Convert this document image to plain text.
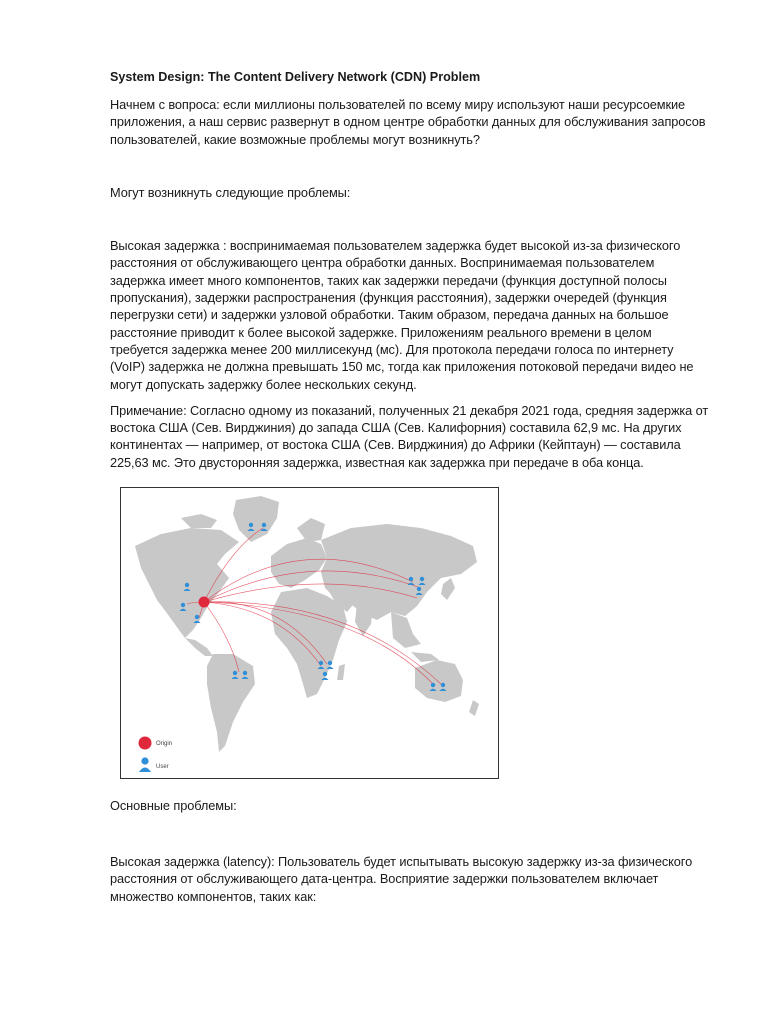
System Design: The Content Delivery Network (CDN) Problem

Начнем с вопроса: если миллионы пользователей по всему миру используют наши ресурсоемкие приложения, а наш сервис развернут в одном центре обработки данных для обслуживания запросов пользователей, какие возможные проблемы могут возникнуть?

Могут возникнуть следующие проблемы:

Высокая задержка : воспринимаемая пользователем задержка будет высокой из-за физического расстояния от обслуживающего центра обработки данных. Воспринимаемая пользователем задержка имеет много компонентов, таких как задержки передачи (функция доступной полосы пропускания), задержки распространения (функция расстояния), задержки очередей (функция перегрузки сети) и задержки узловой обработки. Таким образом, передача данных на большое расстояние приводит к более высокой задержке. Приложениям реального времени в целом требуется задержка менее 200 миллисекунд (мс). Для протокола передачи голоса по интернету (VoIP) задержка не должна превышать 150 мс, тогда как приложения потоковой передачи видео не могут допускать задержку более нескольких секунд.

Примечание: Согласно одному из показаний, полученных 21 декабря 2021 года, средняя задержка от востока США (Сев. Вирджиния) до запада США (Сев. Калифорния) составила 62,9 мс. На других континентах — например, от востока США (Сев. Вирджиния) до Африки (Кейптаун) — составила 225,63 мс. Это двусторонняя задержка, известная как задержка при передаче в оба конца.

Origin
User

Основные проблемы:

Высокая задержка (latency): Пользователь будет испытывать высокую задержку из-за физического расстояния от обслуживающего дата-центра. Восприятие задержки пользователем включает множество компонентов, таких как:
